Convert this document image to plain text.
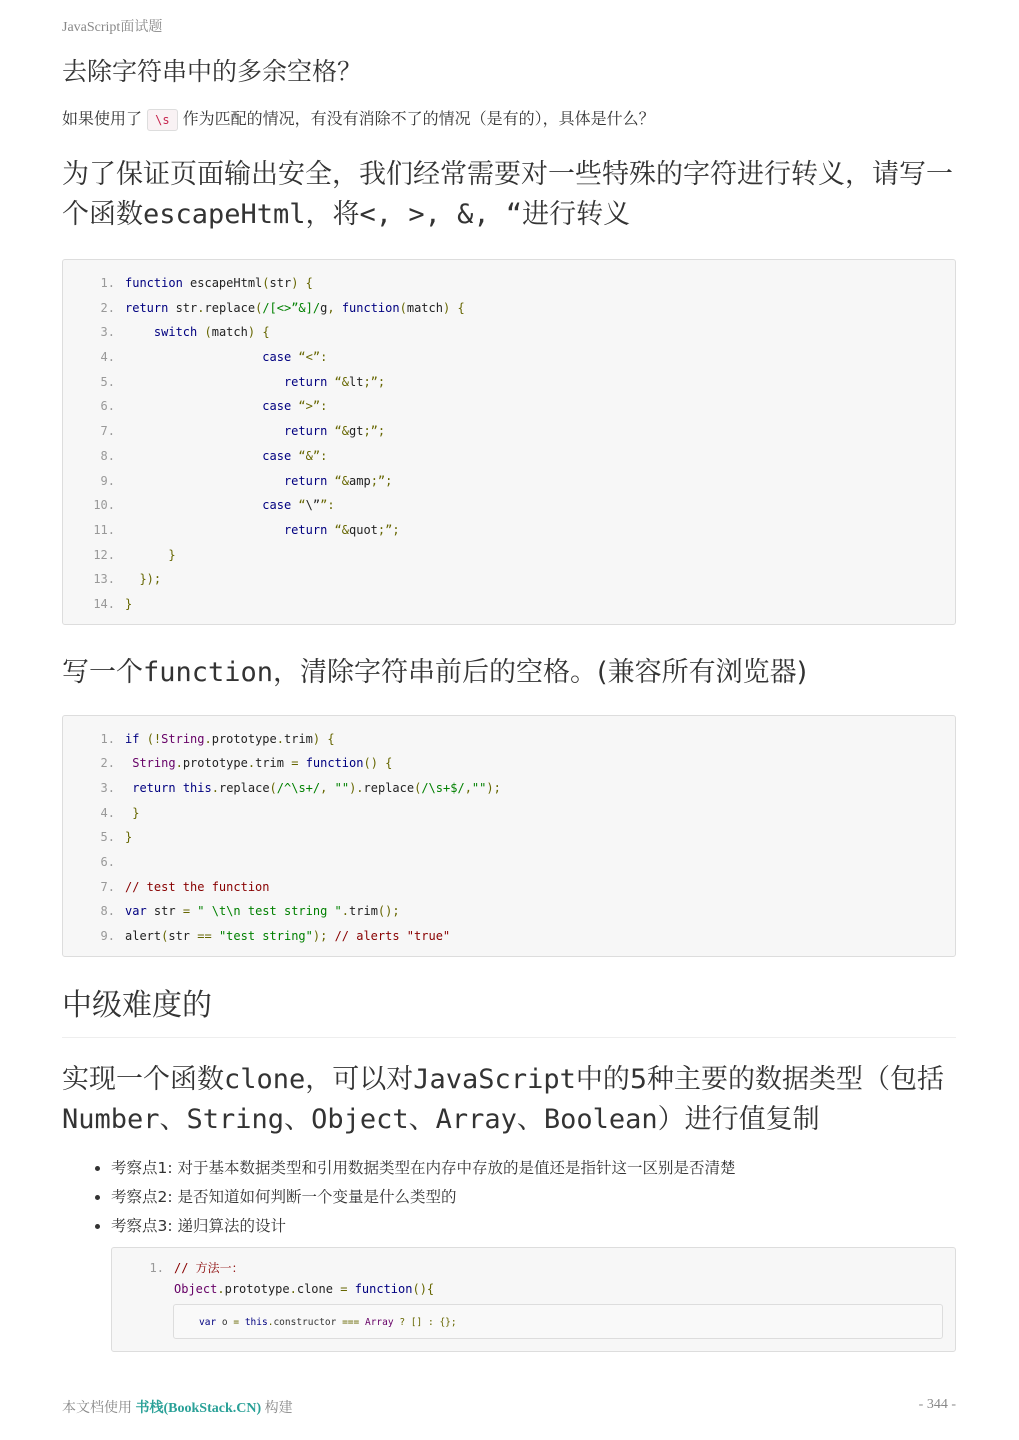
JavaScript面试题
去除字符串中的多余空格？

如果使用了 \s 作为匹配的情况，有没有消除不了的情况（是有的），具体是什么？

为了保证页面输出安全，我们经常需要对一些特殊的字符进行转义，请写一个函数escapeHtml，将<, >, &, “进行转义
1. function escapeHtml(str) {
2. return str.replace(/[<>”&]/g, function(match) {
3.	switch (match) {
4.	case “<”:
5.	return “&lt;”;
6.	case “>”:
7.	return “&gt;”;
8.	case “&”:
9.	return “&amp;”;
10.	case “\””:
11.	return “&quot;”;
12.	}
13.	});
14. }
写一个function，清除字符串前后的空格。(兼容所有浏览器)
1. if (!String.prototype.trim) {
2.	String.prototype.trim = function() {
3.	return this.replace(/^\s+/, "").replace(/\s+$/,"");
4.	}
5. }
6.
7. // test the function
8. var str = " \t\n test string ".trim();
9. alert(str == "test string"); // alerts "true"
中级难度的
实现一个函数clone，可以对JavaScript中的5种主要的数据类型（包括Number、String、Object、Array、Boolean）进行值复制
• 考察点1: 对于基本数据类型和引用数据类型在内存中存放的是值还是指针这一区别是否清楚
• 考察点2: 是否知道如何判断一个变量是什么类型的
• 考察点3: 递归算法的设计
1. // 方法一：
Object.prototype.clone = function(){
var o = this.constructor === Array ? [] : {};
本文档使用 书栈(BookStack.CN) 构建	- 344 -
